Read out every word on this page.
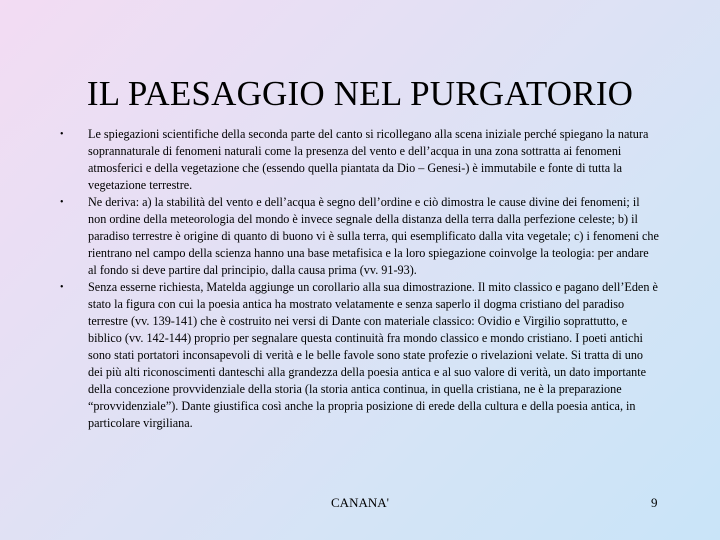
IL PAESAGGIO NEL PURGATORIO
• Le spiegazioni scientifiche della seconda parte del canto si ricollegano alla scena iniziale perché spiegano la natura soprannaturale di fenomeni naturali come la presenza del vento e dell’acqua in una zona sottratta ai fenomeni atmosferici e della vegetazione che (essendo quella piantata da Dio – Genesi-) è immutabile e fonte di tutta la vegetazione terrestre.
• Ne deriva: a) la stabilità del vento e dell’acqua è segno dell’ordine e ciò dimostra le cause divine dei fenomeni; il non ordine della meteorologia del mondo è invece segnale della distanza della terra dalla perfezione celeste; b) il paradiso terrestre è origine di quanto di buono vi è sulla terra, qui esemplificato dalla vita vegetale; c) i fenomeni che rientrano nel campo della scienza hanno una base metafisica e la loro spiegazione coinvolge la teologia: per andare al fondo si deve partire dal principio, dalla causa prima (vv. 91-93).
• Senza esserne richiesta, Matelda aggiunge un corollario alla sua dimostrazione. Il mito classico e pagano dell’Eden è stato la figura con cui la poesia antica ha mostrato velatamente e senza saperlo il dogma cristiano del paradiso terrestre (vv. 139-141) che è costruito nei versi di Dante con materiale classico: Ovidio e Virgilio soprattutto, e biblico (vv. 142-144) proprio per segnalare questa continuità fra mondo classico e mondo cristiano. I poeti antichi sono stati portatori inconsapevoli di verità e le belle favole sono state profezie o rivelazioni velate. Si tratta di uno dei più alti riconoscimenti danteschi alla grandezza della poesia antica e al suo valore di verità, un dato importante della concezione provvidenziale della storia (la storia antica continua, in quella cristiana, ne è la preparazione “provvidenziale”). Dante giustifica così anche la propria posizione di erede della cultura e della poesia antica, in particolare virgiliana.
CANANA'	9
